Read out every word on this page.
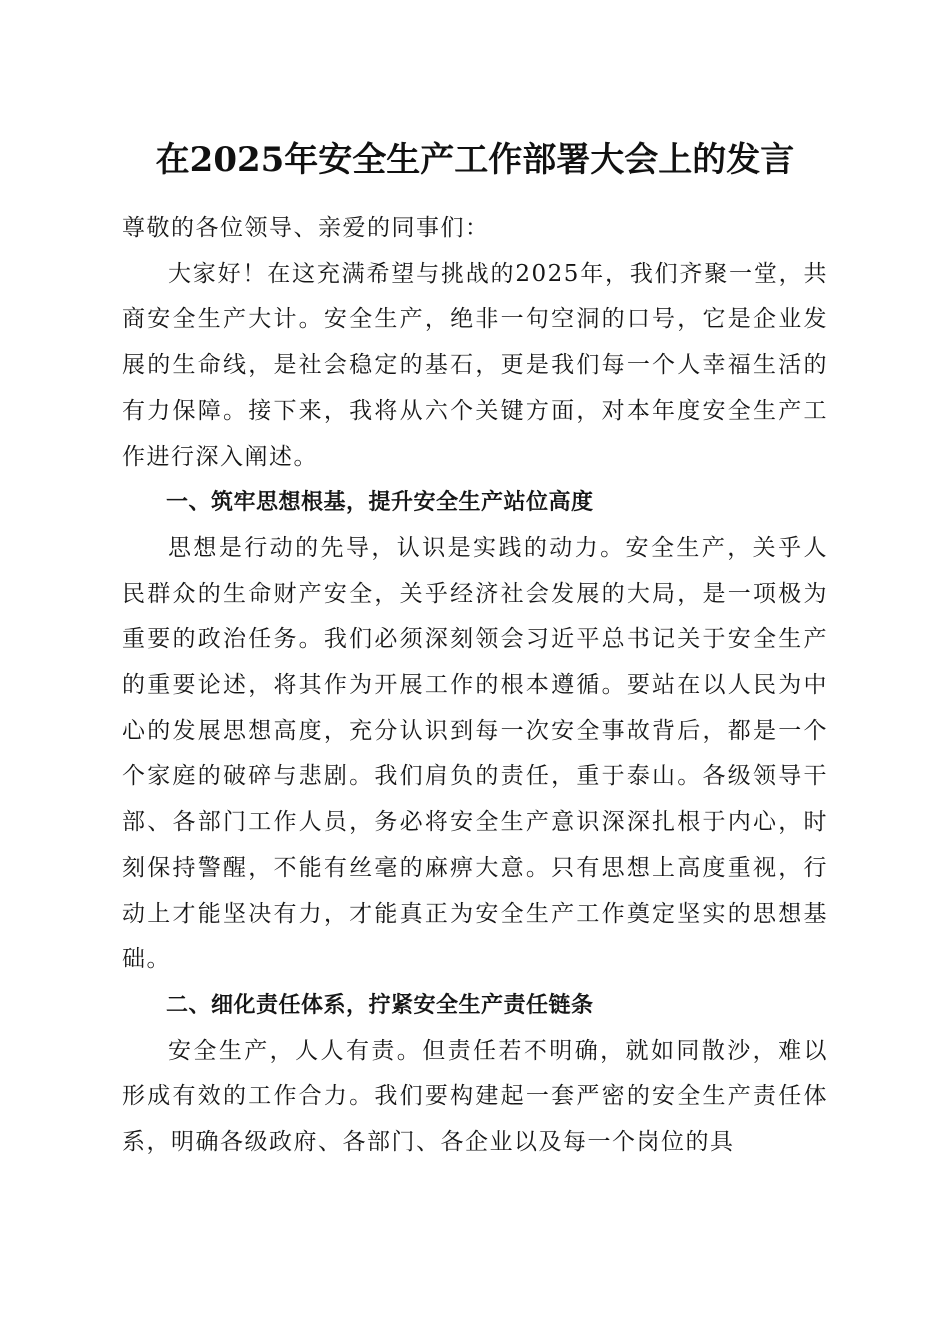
在2025年安全生产工作部署大会上的发言

尊敬的各位领导、亲爱的同事们：

大家好！在这充满希望与挑战的2025年，我们齐聚一堂，共商安全生产大计。安全生产，绝非一句空洞的口号，它是企业发展的生命线，是社会稳定的基石，更是我们每一个人幸福生活的有力保障。接下来，我将从六个关键方面，对本年度安全生产工作进行深入阐述。

一、筑牢思想根基，提升安全生产站位高度

思想是行动的先导，认识是实践的动力。安全生产，关乎人民群众的生命财产安全，关乎经济社会发展的大局，是一项极为重要的政治任务。我们必须深刻领会习近平总书记关于安全生产的重要论述，将其作为开展工作的根本遵循。要站在以人民为中心的发展思想高度，充分认识到每一次安全事故背后，都是一个个家庭的破碎与悲剧。我们肩负的责任，重于泰山。各级领导干部、各部门工作人员，务必将安全生产意识深深扎根于内心，时刻保持警醒，不能有丝毫的麻痹大意。只有思想上高度重视，行动上才能坚决有力，才能真正为安全生产工作奠定坚实的思想基础。

二、细化责任体系，拧紧安全生产责任链条

安全生产，人人有责。但责任若不明确，就如同散沙，难以形成有效的工作合力。我们要构建起一套严密的安全生产责任体系，明确各级政府、各部门、各企业以及每一个岗位的具
